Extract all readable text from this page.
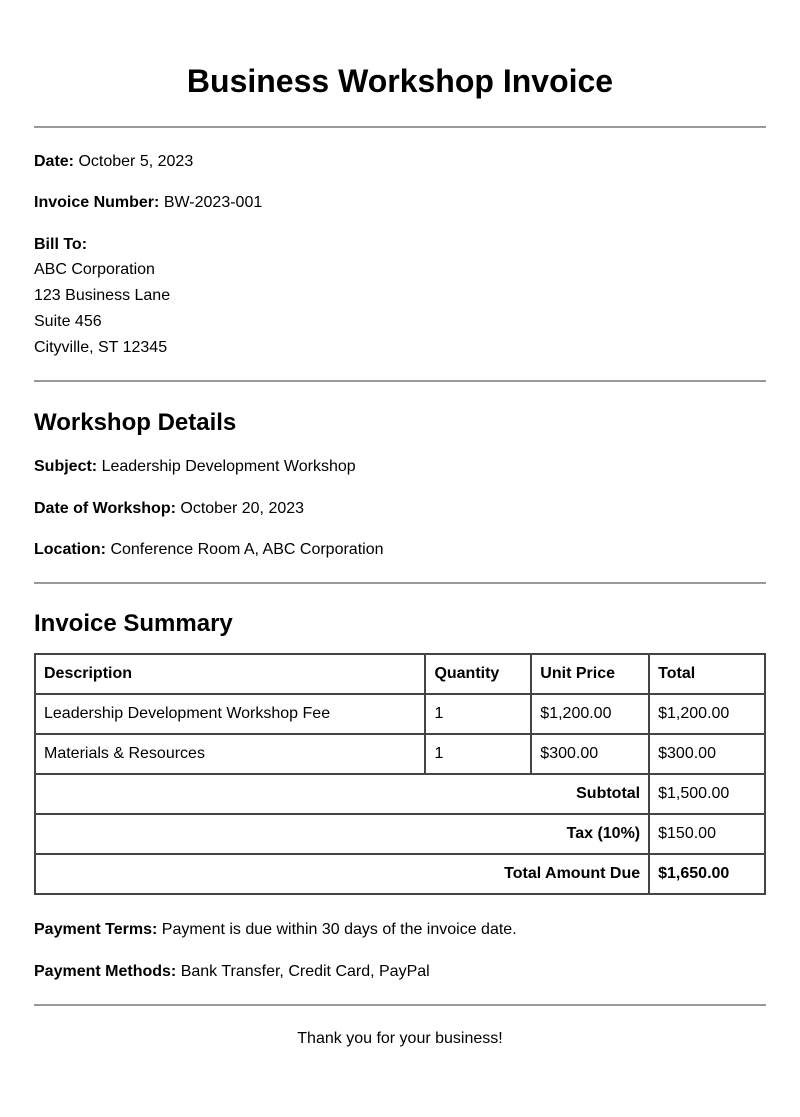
Business Workshop Invoice

Date: October 5, 2023

Invoice Number: BW-2023-001

Bill To:

ABC Corporation
123 Business Lane
Suite 456
Cityville, ST 12345
Workshop Details

Subject: Leadership Development Workshop

Date of Workshop: October 20, 2023

Location: Conference Room A, ABC Corporation

Invoice Summary
Description	Quantity	Unit Price	Total
Leadership Development Workshop Fee	1	$1,200.00	$1,200.00
Materials & Resources	1	$300.00	$300.00
Subtotal			$1,500.00
Tax (10%)			$150.00
Total Amount Due			$1,650.00

Payment Terms: Payment is due within 30 days of the invoice date.

Payment Methods: Bank Transfer, Credit Card, PayPal

Thank you for your business!
